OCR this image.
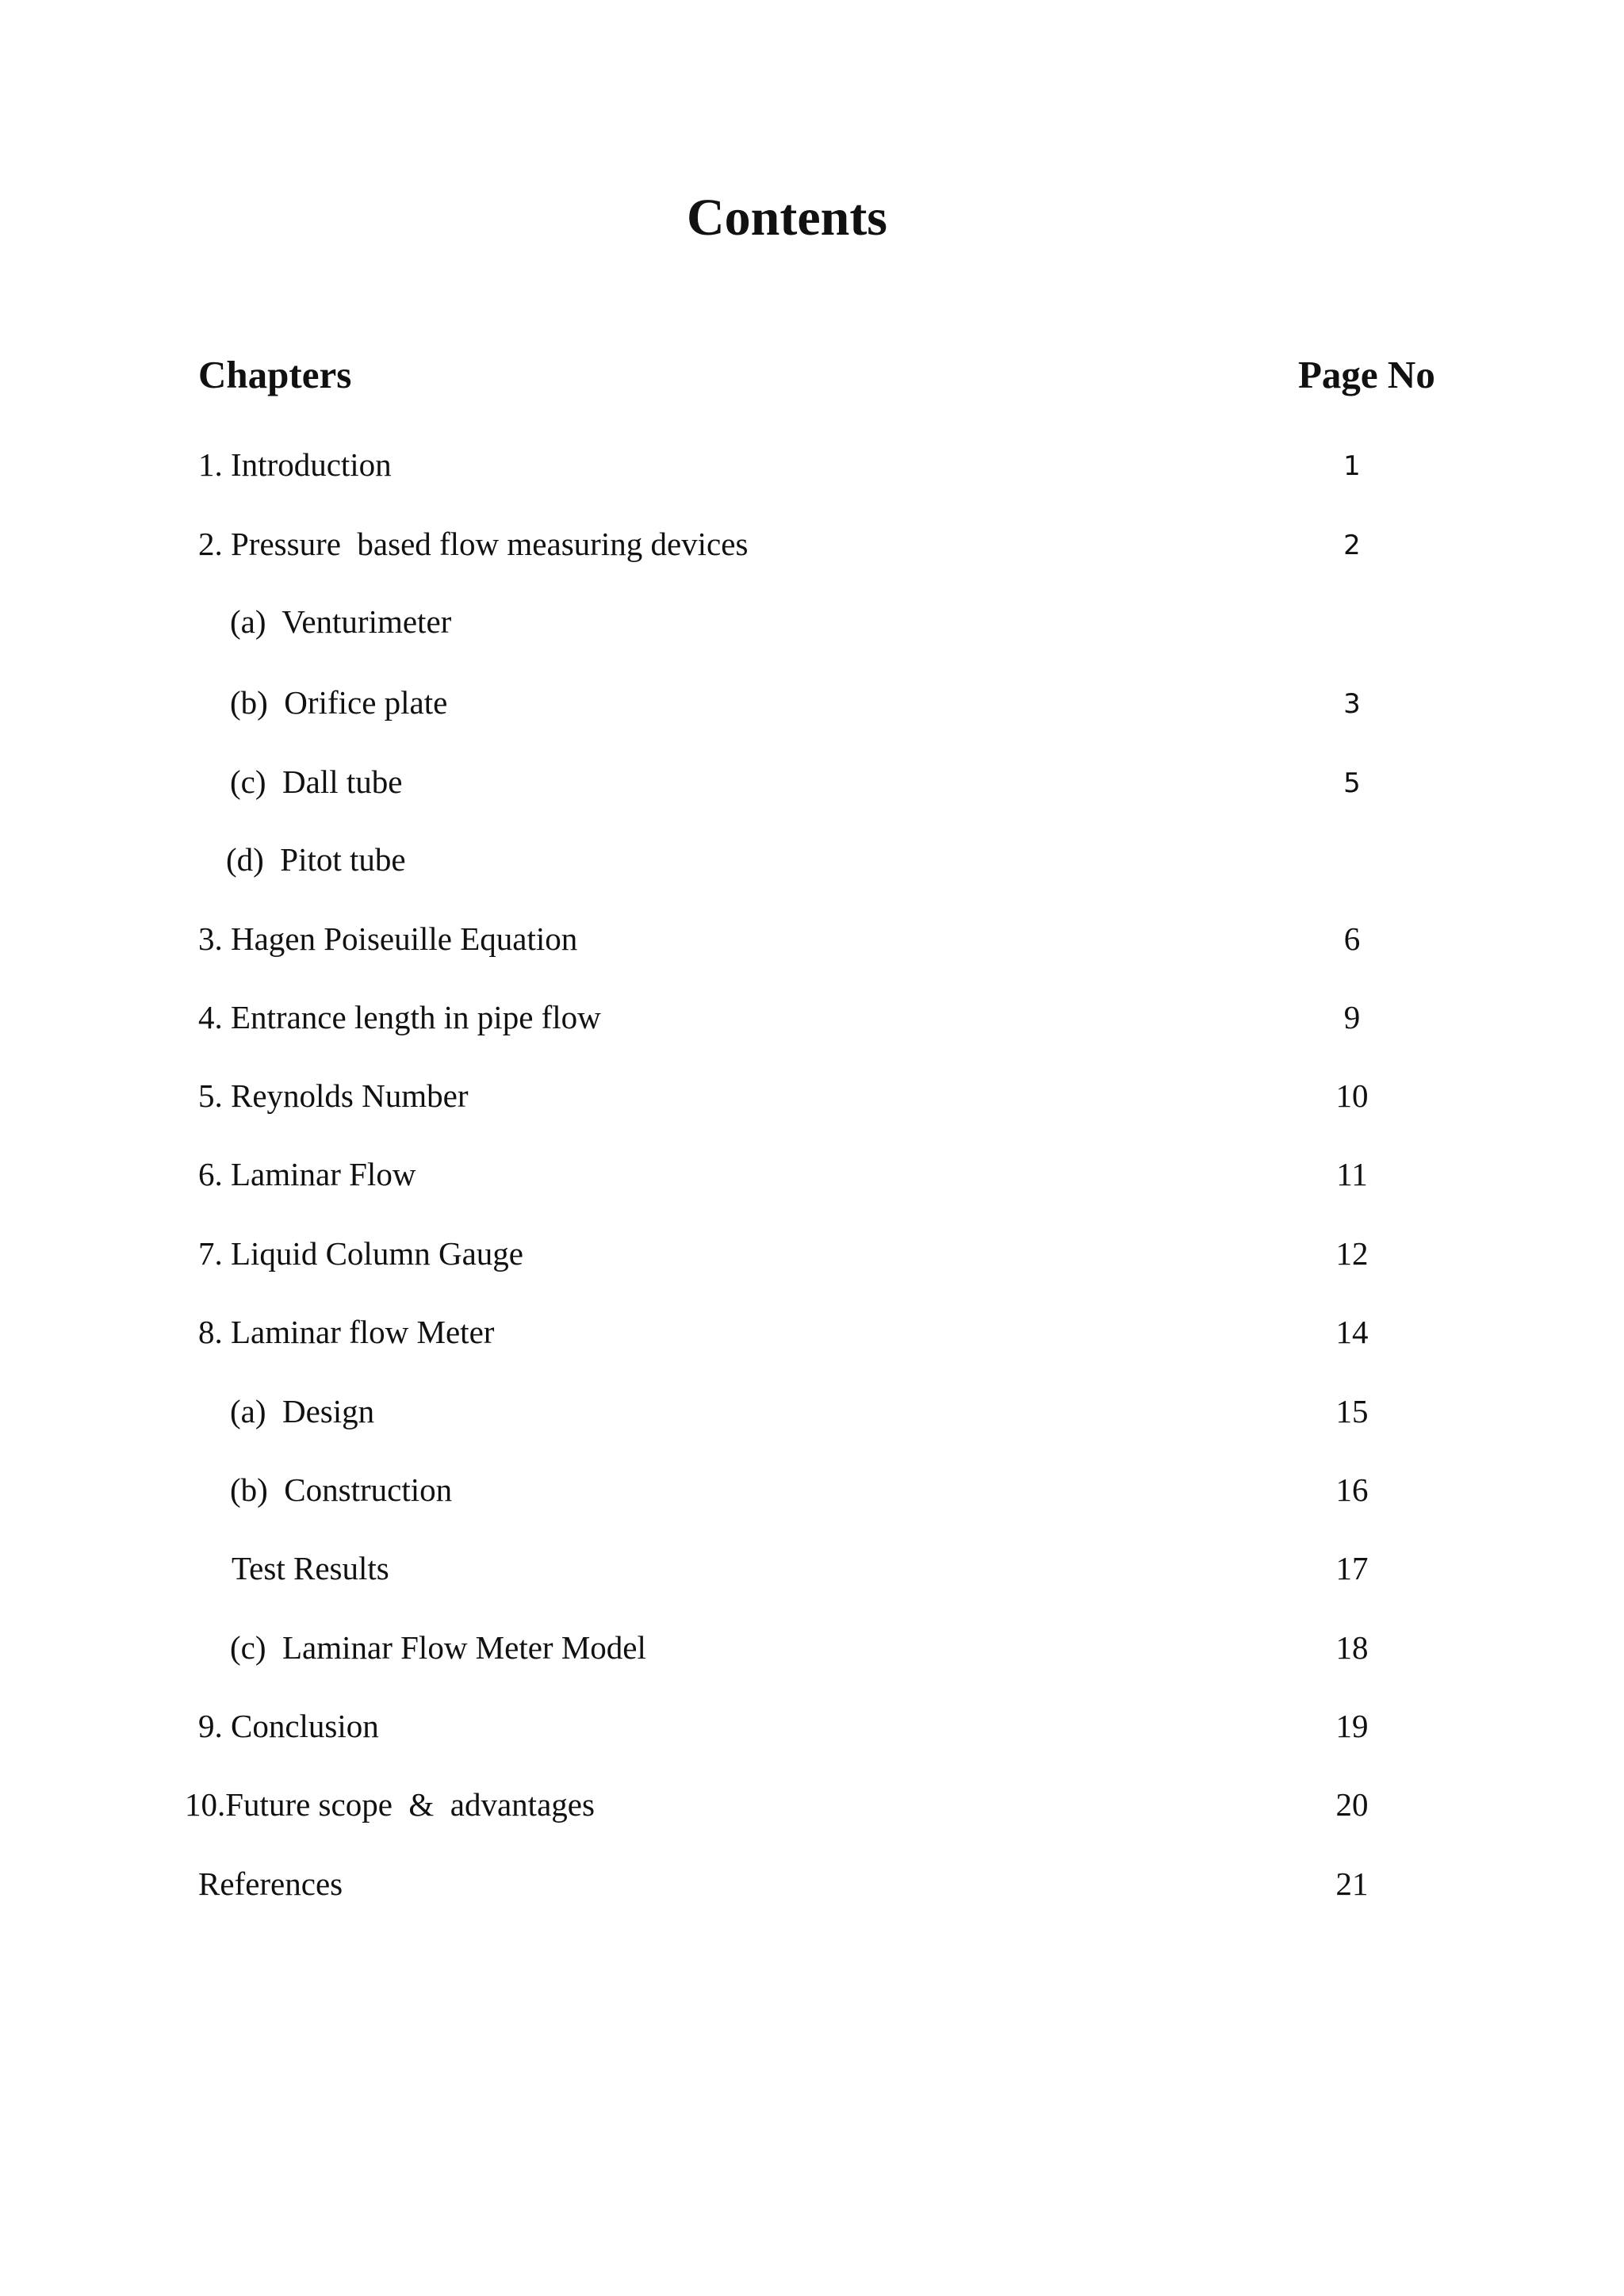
Contents
Chapters	Page No
1. Introduction	1
2. Pressure  based flow measuring devices	2
(a)  Venturimeter
(b)  Orifice plate	3
(c)  Dall tube	5
(d)  Pitot tube
3. Hagen Poiseuille Equation	6
4. Entrance length in pipe flow	9
5. Reynolds Number	10
6. Laminar Flow	11
7. Liquid Column Gauge	12
8. Laminar flow Meter	14
(a)  Design	15
(b)  Construction	16
Test Results	17
(c)  Laminar Flow Meter Model	18
9. Conclusion	19
10.Future scope  &  advantages	20
References	21
